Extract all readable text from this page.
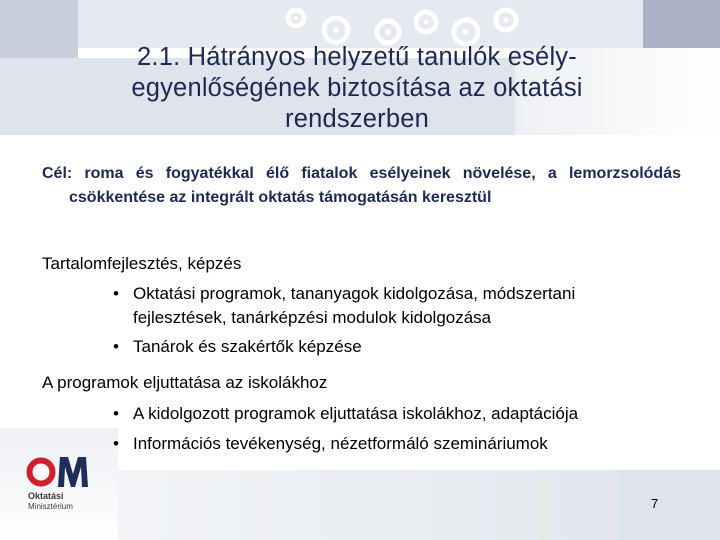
2.1. Hátrányos helyzetű tanulók esély-
egyenlőségének biztosítása az oktatási
rendszerben
Cél: roma és fogyatékkal élő fiatalok esélyeinek növelése, a lemorzsolódás csökkentése az integrált oktatás támogatásán keresztül
Tartalomfejlesztés, képzés
• Oktatási programok, tananyagok kidolgozása, módszertani fejlesztések, tanárképzési modulok kidolgozása
• Tanárok és szakértők képzése
A programok eljuttatása az iskolákhoz
• A kidolgozott programok eljuttatása iskolákhoz, adaptációja
• Információs tevékenység, nézetformáló szemináriumok
Oktatási
Minisztérium	7
